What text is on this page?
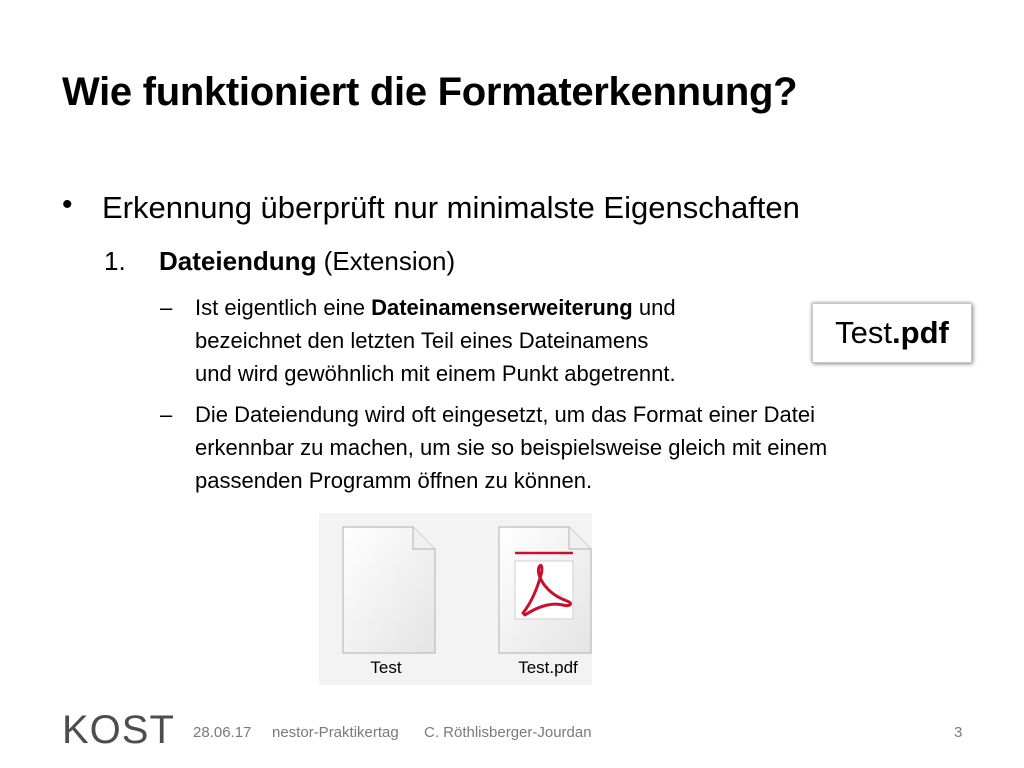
Wie funktioniert die Formaterkennung?
• Erkennung überprüft nur minimalste Eigenschaften
1. Dateiendung (Extension)
– Ist eigentlich eine Dateinamenserweiterung und
bezeichnet den letzten Teil eines Dateinamens
und wird gewöhnlich mit einem Punkt abgetrennt.
– Die Dateiendung wird oft eingesetzt, um das Format einer Datei
erkennbar zu machen, um sie so beispielsweise gleich mit einem
passenden Programm öffnen zu können.
Test.pdf
Test	Test.pdf
KOST 28.06.17 nestor-Praktikertag C. Röthlisberger-Jourdan	3
